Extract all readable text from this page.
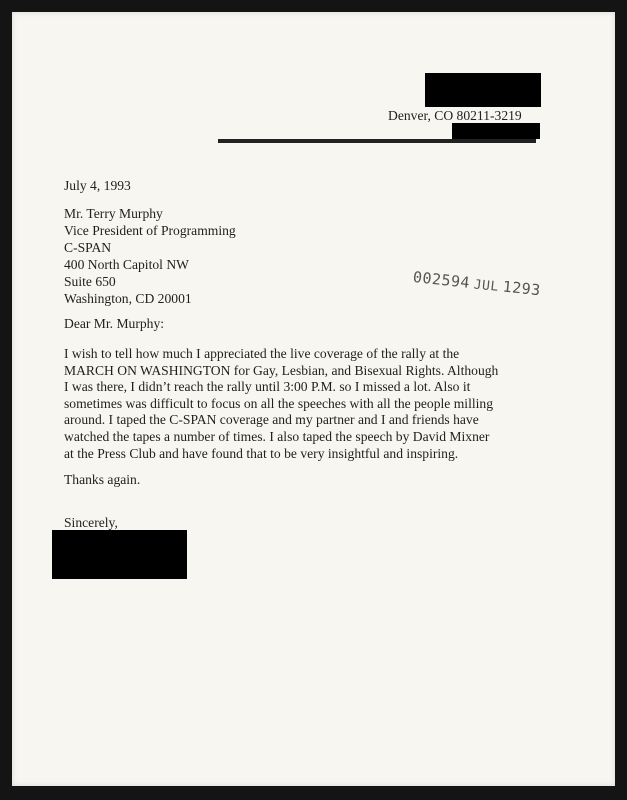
Denver, CO 80211-3219
July 4, 1993
Mr. Terry Murphy
Vice President of Programming
C-SPAN
400 North Capitol NW
Suite 650
Washington, CD 20001
002594 JUL 1293
Dear Mr. Murphy:
I wish to tell how much I appreciated the live coverage of the rally at the
MARCH ON WASHINGTON for Gay, Lesbian, and Bisexual Rights. Although
I was there, I didn’t reach the rally until 3:00 P.M. so I missed a lot. Also it
sometimes was difficult to focus on all the speeches with all the people milling
around. I taped the C-SPAN coverage and my partner and I and friends have
watched the tapes a number of times. I also taped the speech by David Mixner
at the Press Club and have found that to be very insightful and inspiring.
Thanks again.
Sincerely,
